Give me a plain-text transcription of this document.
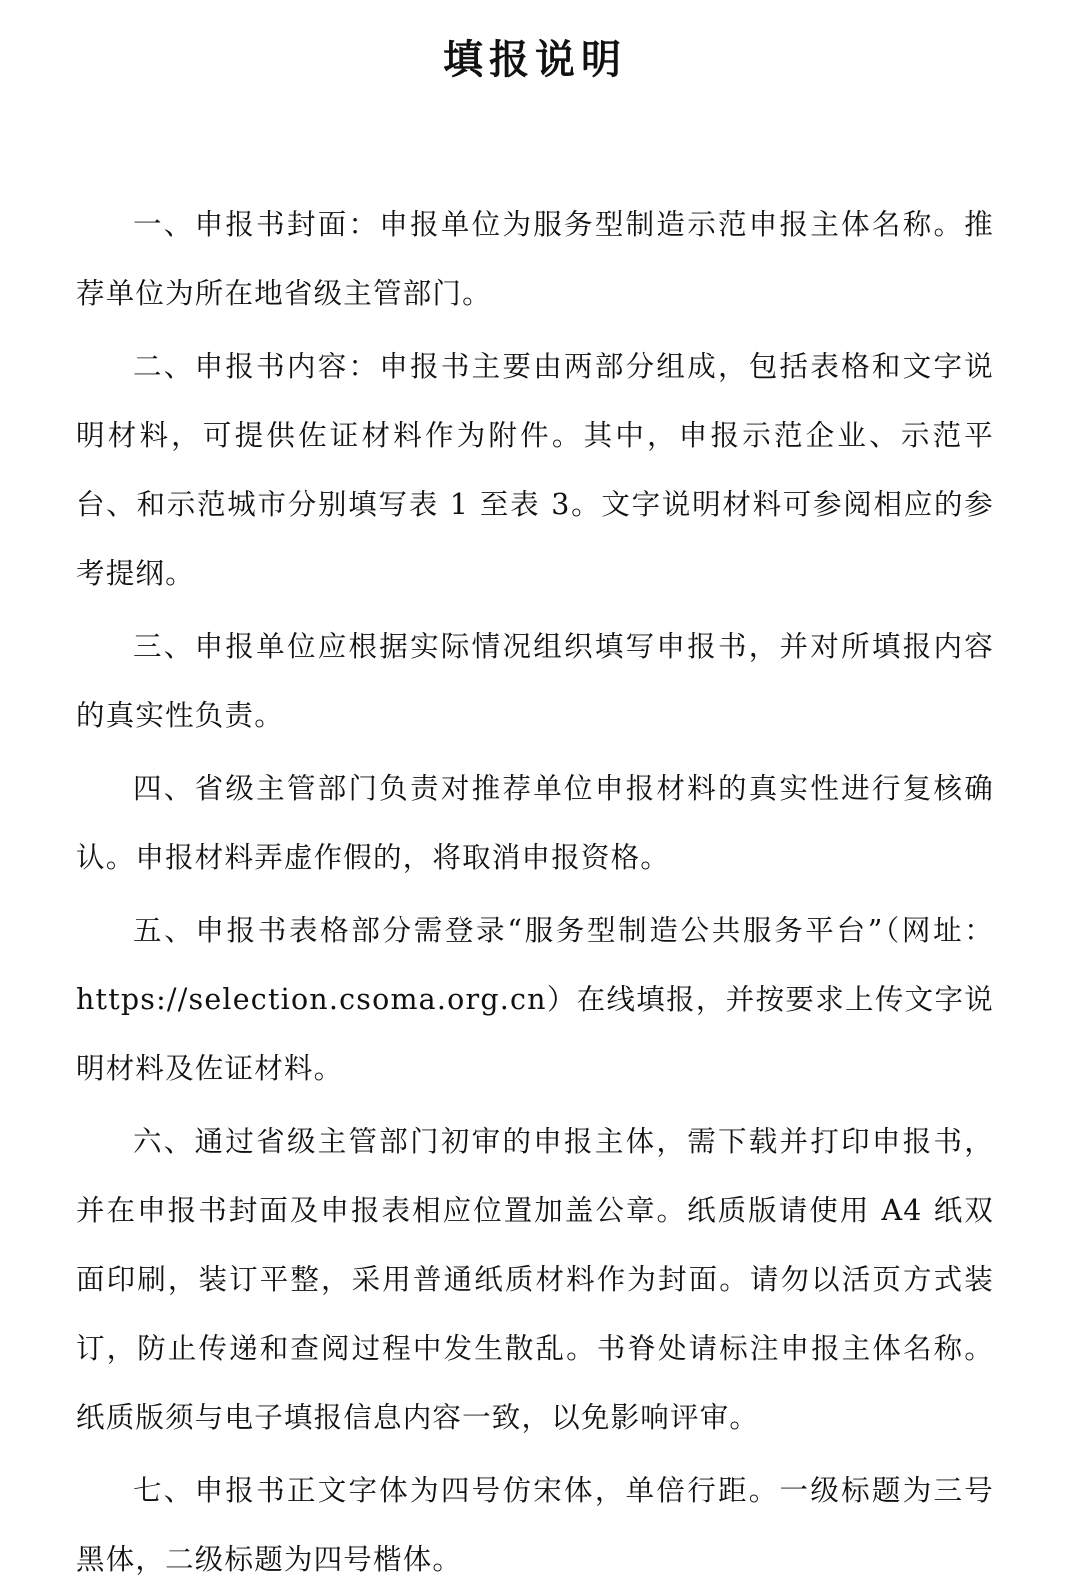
填报说明

一、申报书封面：申报单位为服务型制造示范申报主体名称。推荐单位为所在地省级主管部门。

二、申报书内容：申报书主要由两部分组成，包括表格和文字说明材料，可提供佐证材料作为附件。其中，申报示范企业、示范平台、和示范城市分别填写表 1 至表 3。文字说明材料可参阅相应的参考提纲。

三、申报单位应根据实际情况组织填写申报书，并对所填报内容的真实性负责。

四、省级主管部门负责对推荐单位申报材料的真实性进行复核确认。申报材料弄虚作假的，将取消申报资格。

五、申报书表格部分需登录“服务型制造公共服务平台”（网址：https://selection.csoma.org.cn）在线填报，并按要求上传文字说明材料及佐证材料。

六、通过省级主管部门初审的申报主体，需下载并打印申报书，并在申报书封面及申报表相应位置加盖公章。纸质版请使用 A4 纸双面印刷，装订平整，采用普通纸质材料作为封面。请勿以活页方式装订，防止传递和查阅过程中发生散乱。书脊处请标注申报主体名称。纸质版须与电子填报信息内容一致，以免影响评审。

七、申报书正文字体为四号仿宋体，单倍行距。一级标题为三号黑体，二级标题为四号楷体。
